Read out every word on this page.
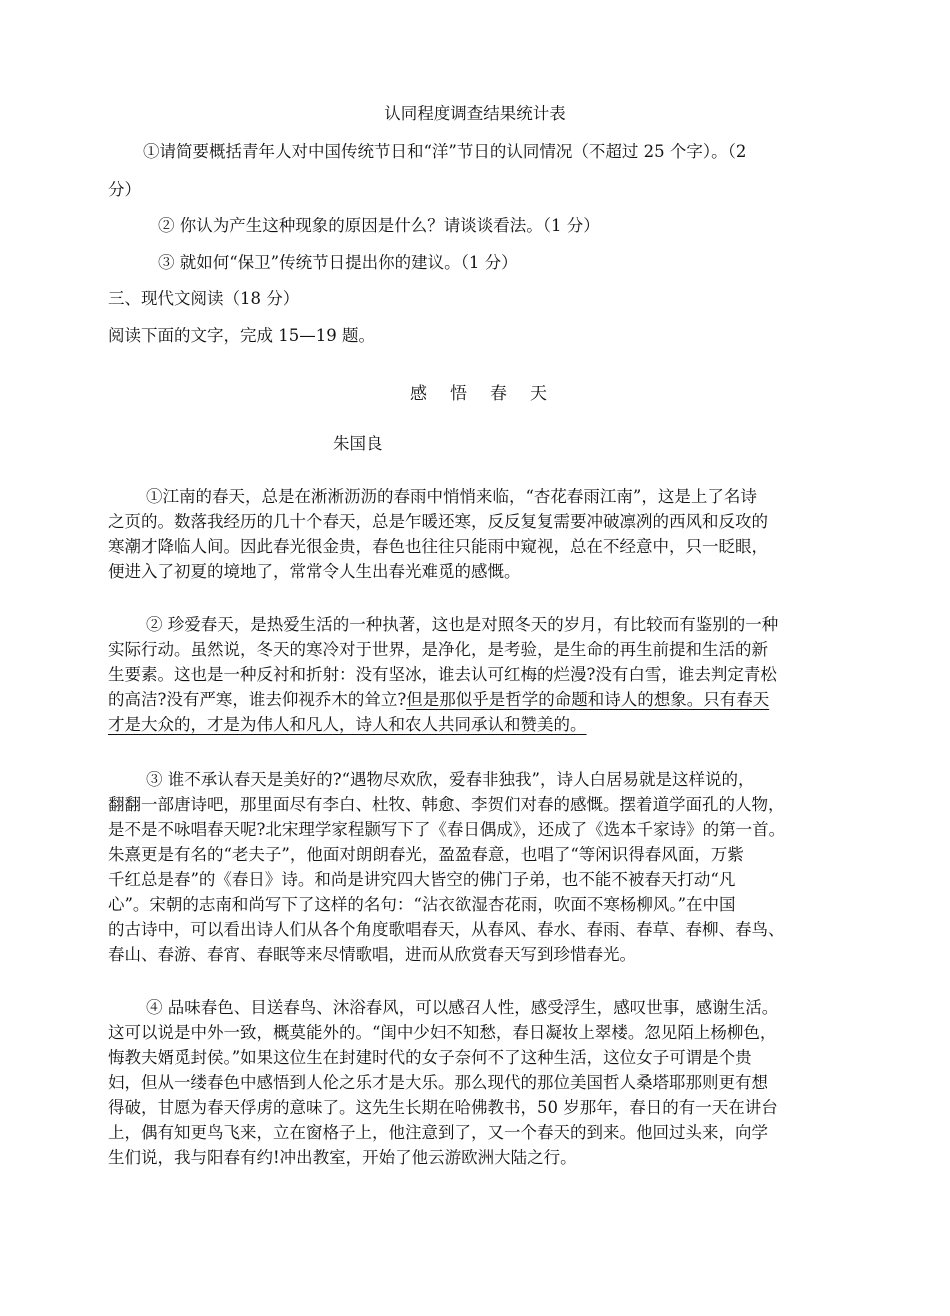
认同程度调查结果统计表
①请简要概括青年人对中国传统节日和“洋”节日的认同情况（不超过 25 个字）。（2
分）
② 你认为产生这种现象的原因是什么？请谈谈看法。（1 分）
③ 就如何“保卫”传统节日提出你的建议。（1 分）
三、现代文阅读（18 分）
阅读下面的文字，完成 15—19 题。
感悟春天
朱国良
①江南的春天，总是在淅淅沥沥的春雨中悄悄来临，“杏花春雨江南”，这是上了名诗
之页的。数落我经历的几十个春天，总是乍暖还寒，反反复复需要冲破凛冽的西风和反攻的
寒潮才降临人间。因此春光很金贵，春色也往往只能雨中窥视，总在不经意中，只一眨眼，
便进入了初夏的境地了，常常令人生出春光难觅的感慨。
② 珍爱春天，是热爱生活的一种执著，这也是对照冬天的岁月，有比较而有鉴别的一种
实际行动。虽然说，冬天的寒冷对于世界，是净化，是考验，是生命的再生前提和生活的新
生要素。这也是一种反衬和折射：没有坚冰，谁去认可红梅的烂漫?没有白雪，谁去判定青松
的高洁?没有严寒，谁去仰视乔木的耸立?但是那似乎是哲学的命题和诗人的想象。只有春天
才是大众的，才是为伟人和凡人，诗人和农人共同承认和赞美的。
③ 谁不承认春天是美好的?“遇物尽欢欣，爱春非独我”，诗人白居易就是这样说的，
翻翻一部唐诗吧，那里面尽有李白、杜牧、韩愈、李贺们对春的感慨。摆着道学面孔的人物，
是不是不咏唱春天呢?北宋理学家程颢写下了《春日偶成》，还成了《选本千家诗》的第一首。
朱熹更是有名的“老夫子”，他面对朗朗春光，盈盈春意，也唱了“等闲识得春风面，万紫
千红总是春”的《春日》诗。和尚是讲究四大皆空的佛门子弟，也不能不被春天打动“凡
心”。宋朝的志南和尚写下了这样的名句：“沾衣欲湿杏花雨，吹面不寒杨柳风。”在中国
的古诗中，可以看出诗人们从各个角度歌唱春天，从春风、春水、春雨、春草、春柳、春鸟、
春山、春游、春宵、春眠等来尽情歌唱，进而从欣赏春天写到珍惜春光。
④ 品味春色、目送春鸟、沐浴春风，可以感召人性，感受浮生，感叹世事，感谢生活。
这可以说是中外一致，概莫能外的。“闺中少妇不知愁，春日凝妆上翠楼。忽见陌上杨柳色，
悔教夫婿觅封侯。”如果这位生在封建时代的女子奈何不了这种生活，这位女子可谓是个贵
妇，但从一缕春色中感悟到人伦之乐才是大乐。那么现代的那位美国哲人桑塔耶那则更有想
得破，甘愿为春天俘虏的意味了。这先生长期在哈佛教书，50 岁那年，春日的有一天在讲台
上，偶有知更鸟飞来，立在窗格子上，他注意到了，又一个春天的到来。他回过头来，向学
生们说，我与阳春有约!冲出教室，开始了他云游欧洲大陆之行。
